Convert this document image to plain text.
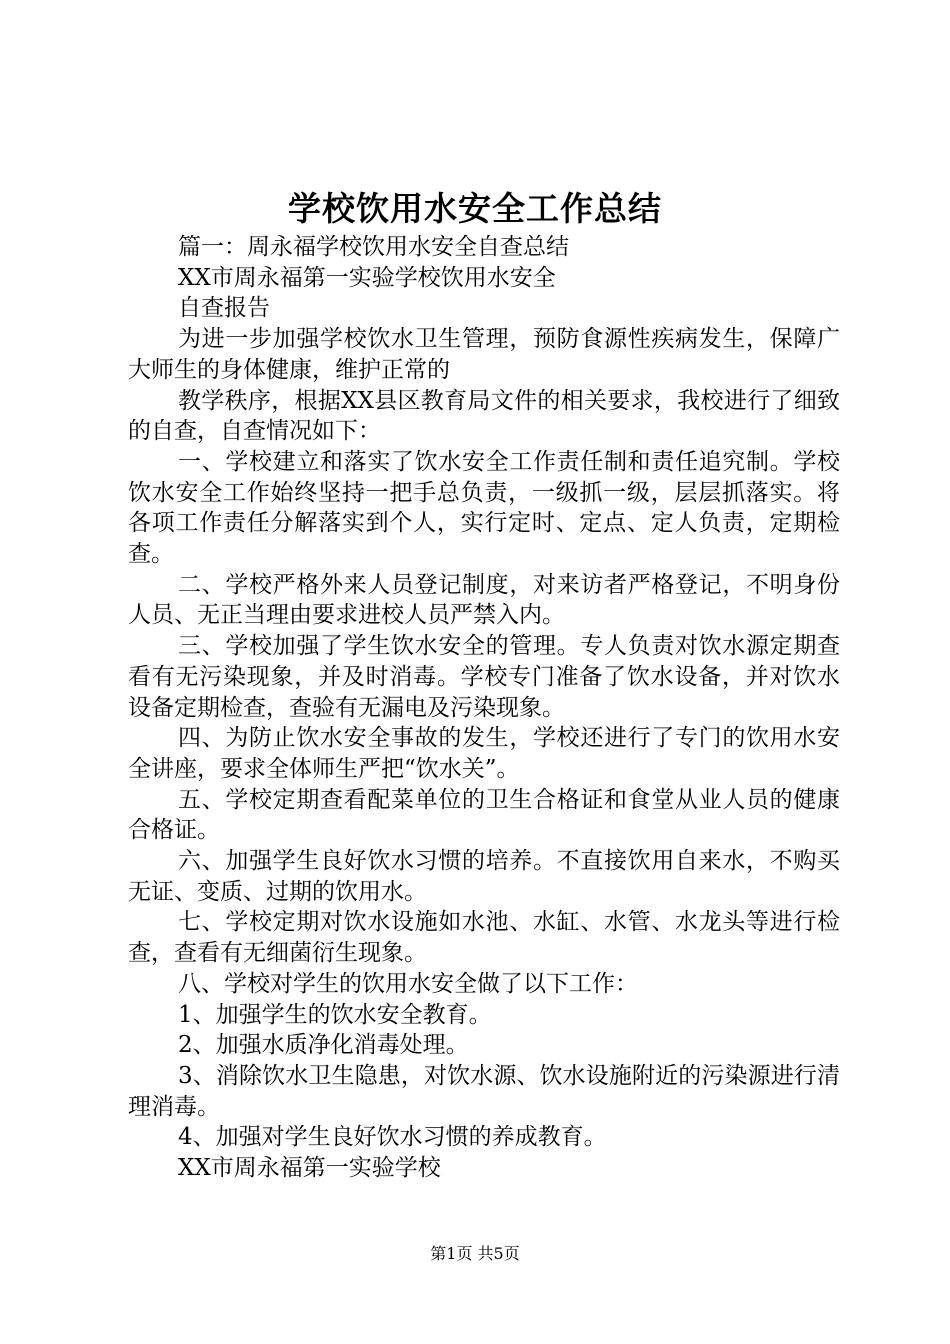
学校饮用水安全工作总结

篇一：周永福学校饮用水安全自查总结

XX市周永福第一实验学校饮用水安全

自查报告

为进一步加强学校饮水卫生管理，预防食源性疾病发生，保障广大师生的身体健康，维护正常的

教学秩序，根据XX县区教育局文件的相关要求，我校进行了细致的自查，自查情况如下：

一、学校建立和落实了饮水安全工作责任制和责任追究制。学校饮水安全工作始终坚持一把手总负责，一级抓一级，层层抓落实。将各项工作责任分解落实到个人，实行定时、定点、定人负责，定期检查。

二、学校严格外来人员登记制度，对来访者严格登记，不明身份人员、无正当理由要求进校人员严禁入内。

三、学校加强了学生饮水安全的管理。专人负责对饮水源定期查看有无污染现象，并及时消毒。学校专门准备了饮水设备，并对饮水设备定期检查，查验有无漏电及污染现象。

四、为防止饮水安全事故的发生，学校还进行了专门的饮用水安全讲座，要求全体师生严把“饮水关”。

五、学校定期查看配菜单位的卫生合格证和食堂从业人员的健康合格证。

六、加强学生良好饮水习惯的培养。不直接饮用自来水，不购买无证、变质、过期的饮用水。

七、学校定期对饮水设施如水池、水缸、水管、水龙头等进行检查，查看有无细菌衍生现象。

八、学校对学生的饮用水安全做了以下工作：

1、加强学生的饮水安全教育。

2、加强水质净化消毒处理。

3、消除饮水卫生隐患，对饮水源、饮水设施附近的污染源进行清理消毒。

4、加强对学生良好饮水习惯的养成教育。

XX市周永福第一实验学校

第1页 共5页
